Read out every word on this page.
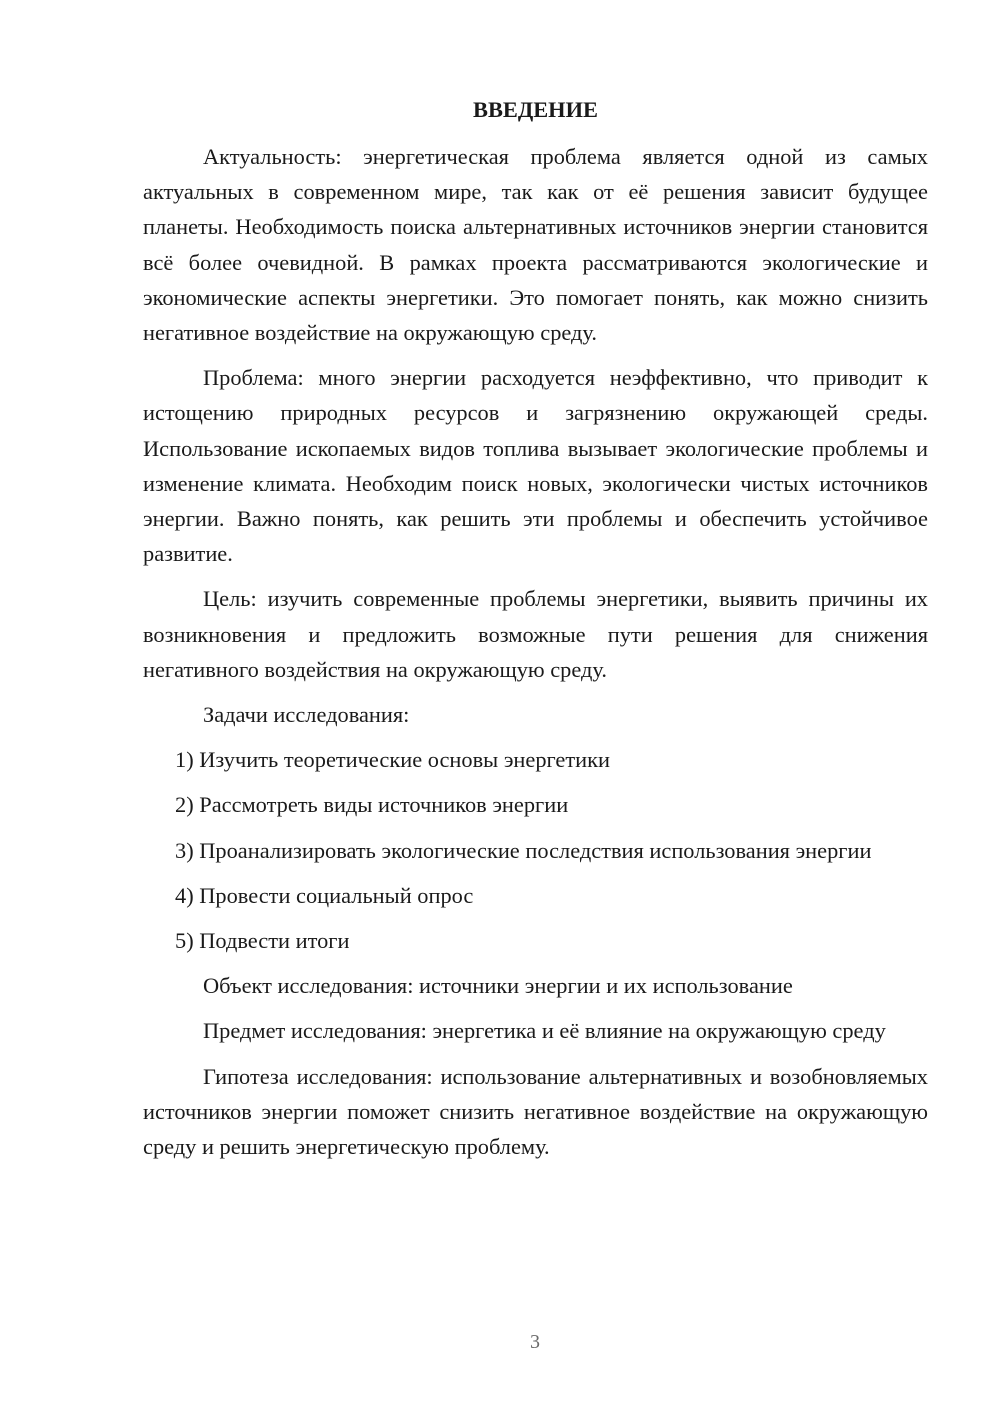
ВВЕДЕНИЕ

Актуальность: энергетическая проблема является одной из самых актуальных в современном мире, так как от её решения зависит будущее планеты. Необходимость поиска альтернативных источников энергии становится всё более очевидной. В рамках проекта рассматриваются экологические и экономические аспекты энергетики. Это помогает понять, как можно снизить негативное воздействие на окружающую среду.

Проблема: много энергии расходуется неэффективно, что приводит к истощению природных ресурсов и загрязнению окружающей среды. Использование ископаемых видов топлива вызывает экологические проблемы и изменение климата. Необходим поиск новых, экологически чистых источников энергии. Важно понять, как решить эти проблемы и обеспечить устойчивое развитие.

Цель: изучить современные проблемы энергетики, выявить причины их возникновения и предложить возможные пути решения для снижения негативного воздействия на окружающую среду.

Задачи исследования:

1) Изучить теоретические основы энергетики

2) Рассмотреть виды источников энергии

3) Проанализировать экологические последствия использования энергии

4) Провести социальный опрос

5) Подвести итоги

Объект исследования: источники энергии и их использование

Предмет исследования: энергетика и её влияние на окружающую среду

Гипотеза исследования: использование альтернативных и возобновляемых источников энергии поможет снизить негативное воздействие на окружающую среду и решить энергетическую проблему.

3
